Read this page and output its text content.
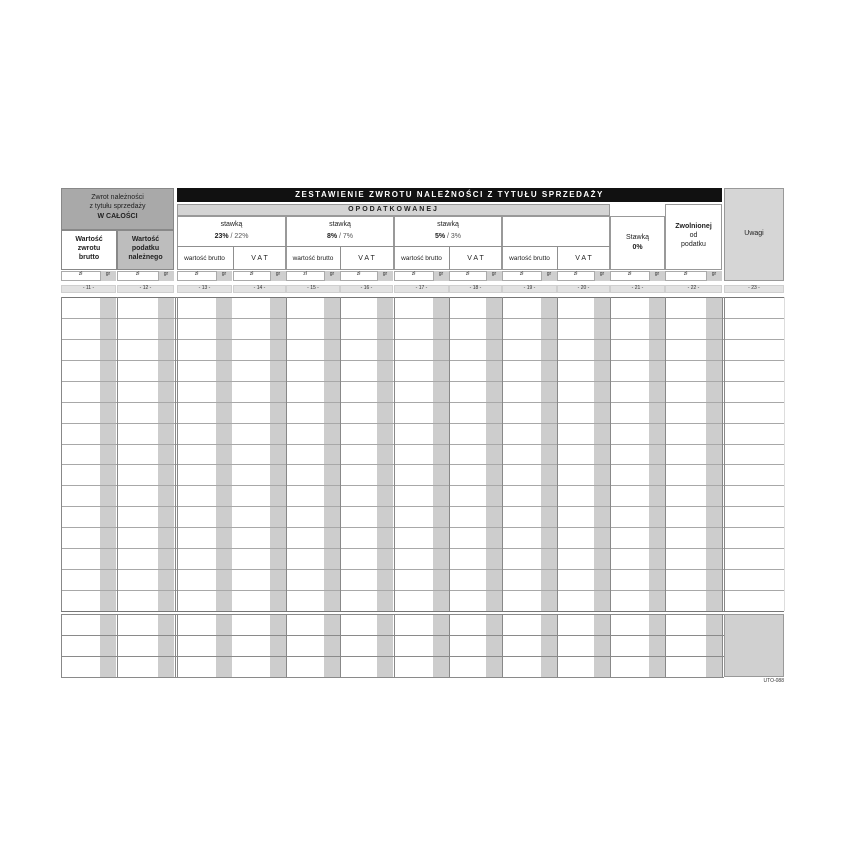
Zwrot należności
z tytułu sprzedaży
W CAŁOŚCI
Wartość
zwrotu
brutto
Wartość
podatku
należnego
ZESTAWIENIE ZWROTU NALEŻNOŚCI Z TYTUŁU SPRZEDAŻY
OPODATKOWANEJ
stawką
23% / 22%
wartość brutto	V A T
stawką
8% / 7%
wartość brutto	V A T
stawką
5% / 3%
wartość brutto	V A T	wartość brutto	V A T
Stawką
0%
Zwolnionej
od
podatku
Uwagi
zł	gr	zł	gr	zł	gr	zł	gr	zł	gr	zł	gr	zł	gr	zł	gr	zł	gr	zł	gr	zł	gr	zł	gr
- 11 -	- 12 -	- 13 -	- 14 -	- 15 -	- 16 -	- 17 -	- 18 -	- 19 -	- 20 -	- 21 -	- 22 -	- 23 -
UTO-088
